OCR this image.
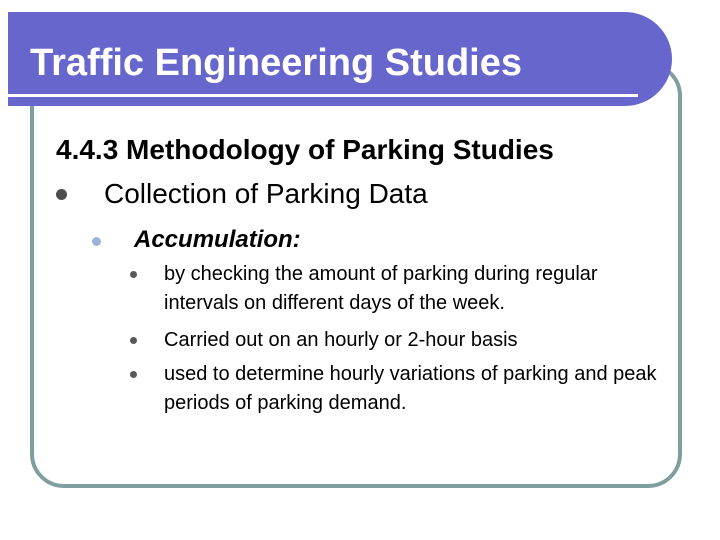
Traffic Engineering Studies
4.4.3 Methodology of Parking Studies
Collection of Parking Data
Accumulation:
by checking the amount of parking during regular intervals on different days of the week.
Carried out on an hourly or 2-hour basis
used to determine hourly variations of parking and peak periods of parking demand.
